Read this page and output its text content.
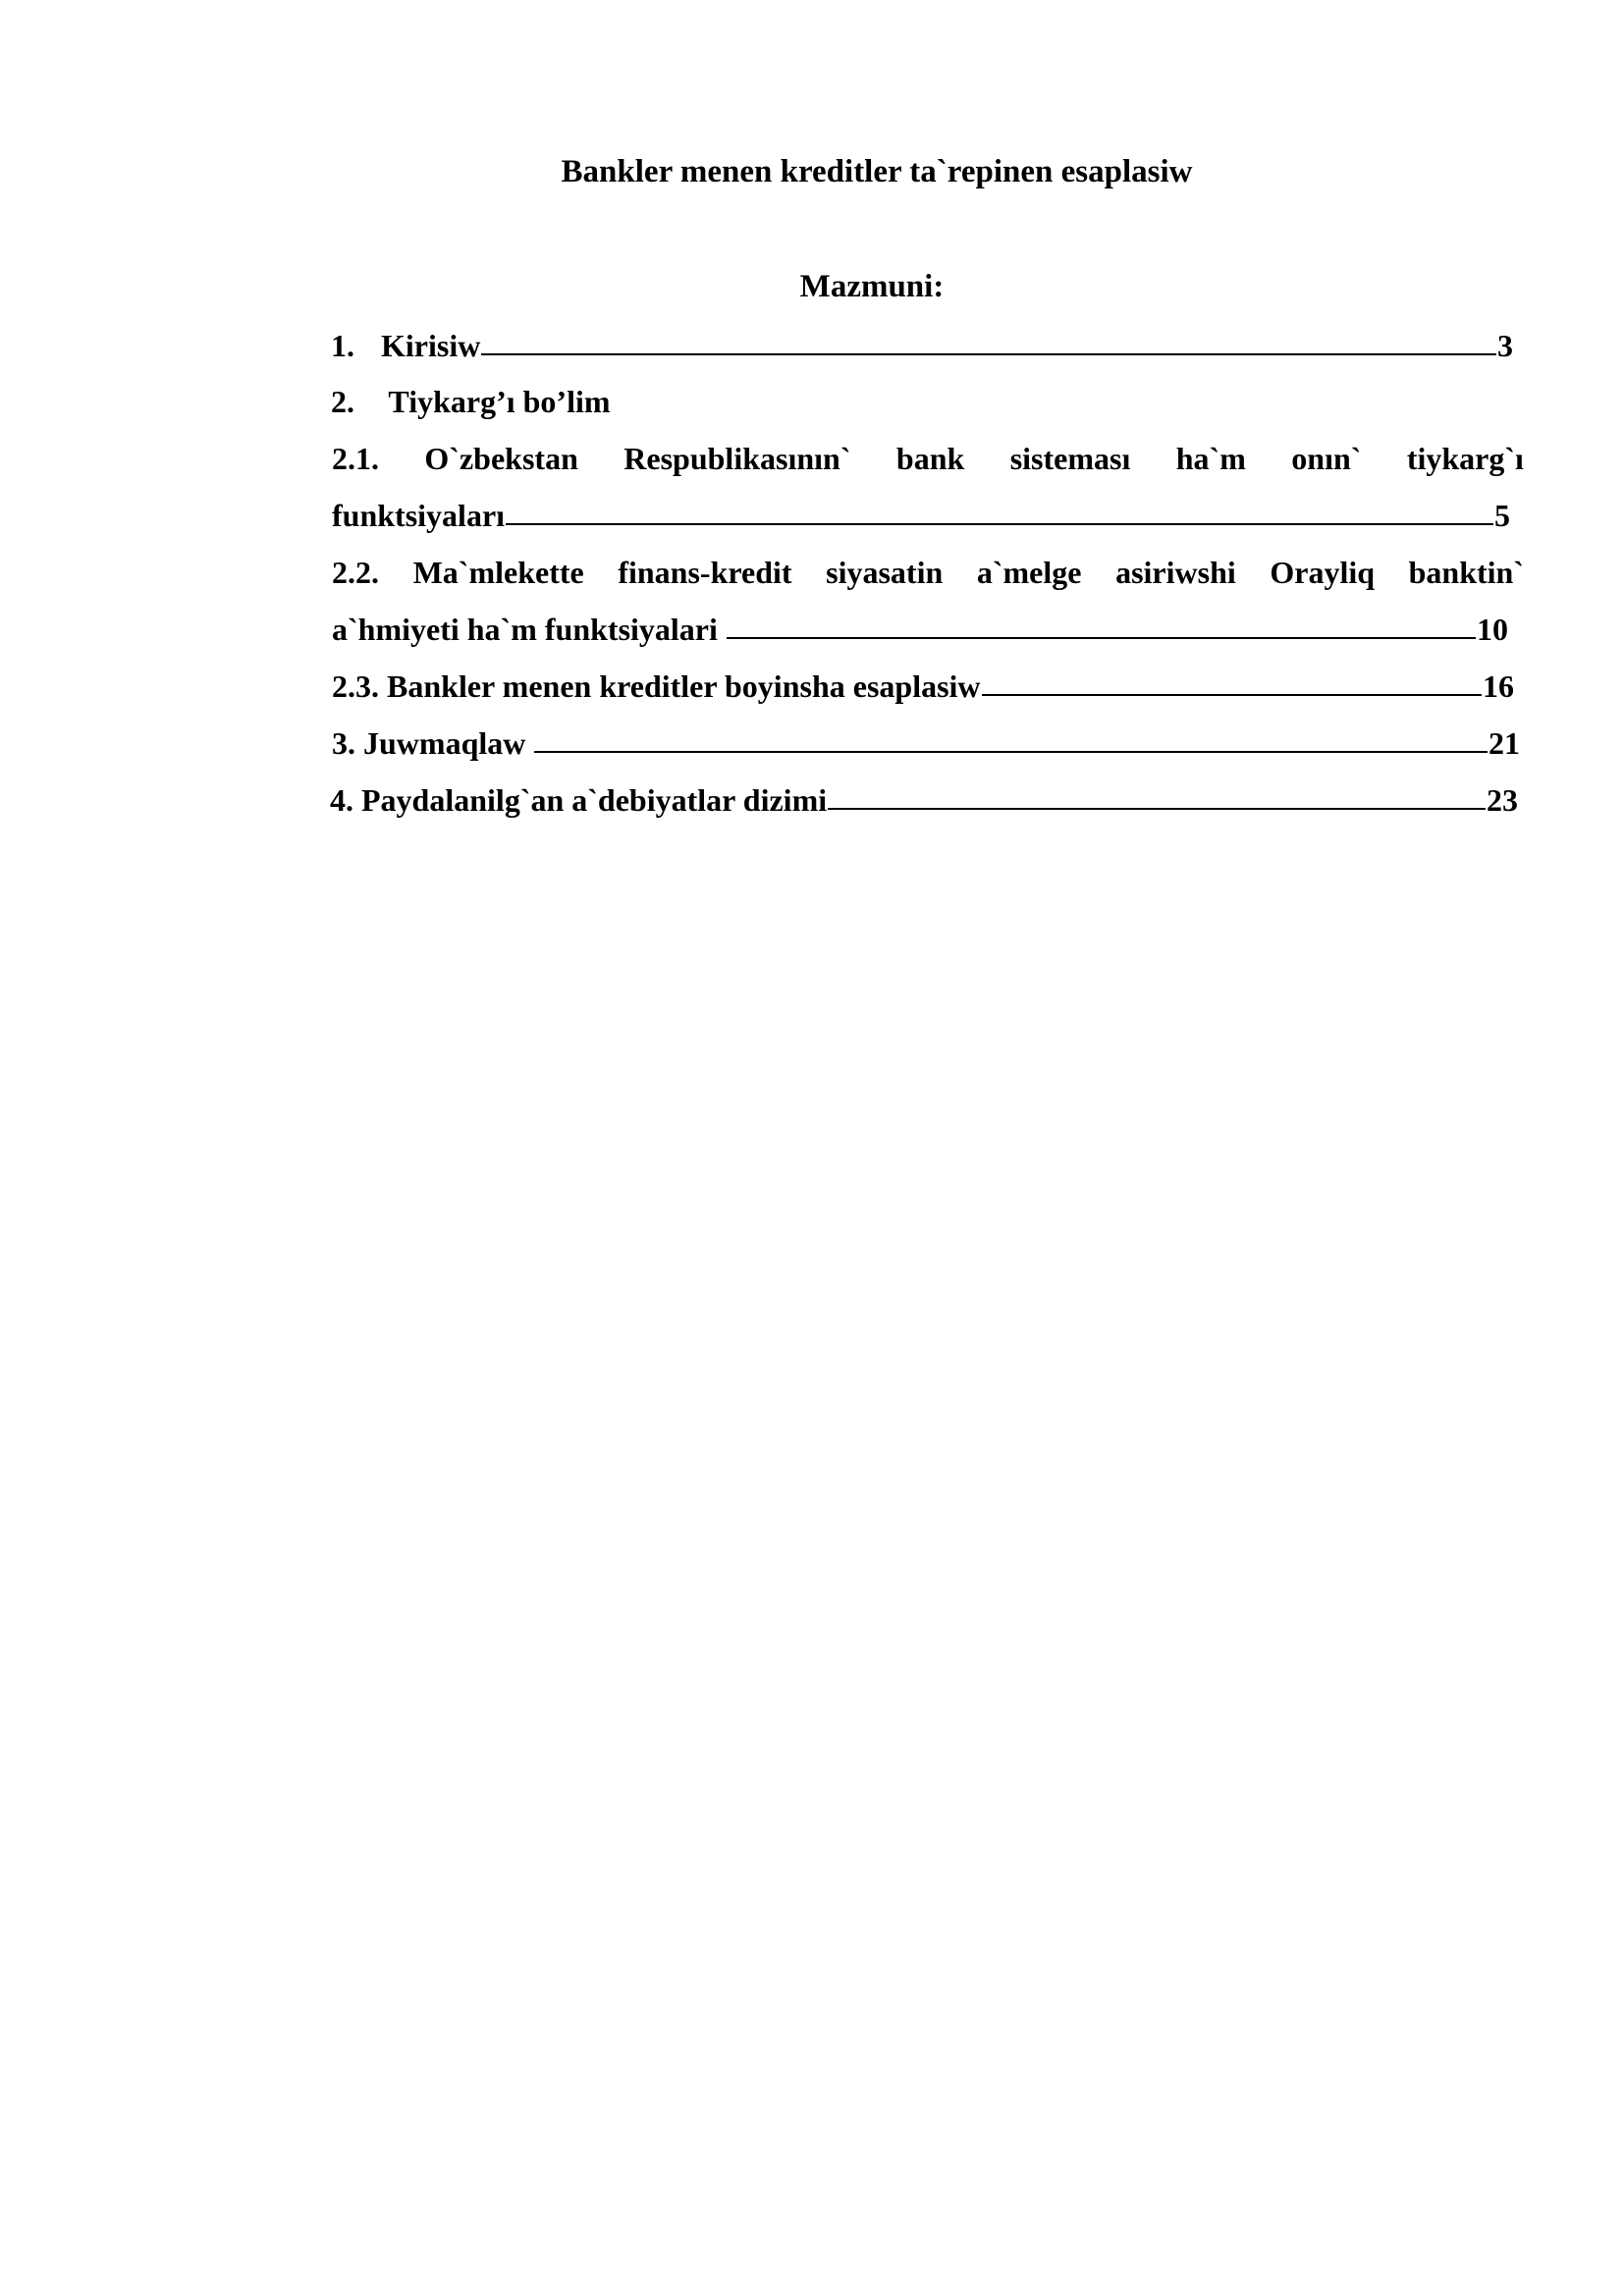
Bankler menen kreditler ta`repinen esaplasiw
Mazmuni:
1. Kirisiw	3
2. Tiykarg’ı bo’lim
2.1. O`zbekstan Respublikasının` bank sisteması ha`m onın` tiykarg`ı
funktsiyaları	5
2.2. Ma`mlekette finans-kredit siyasatin a`melge asiriwshi Orayliq banktin`
a`hmiyeti ha`m funktsiyalari	10
2.3. Bankler menen kreditler boyinsha esaplasiw	16
3. Juwmaqlaw	21
4. Paydalanilg`an a`debiyatlar dizimi	23
